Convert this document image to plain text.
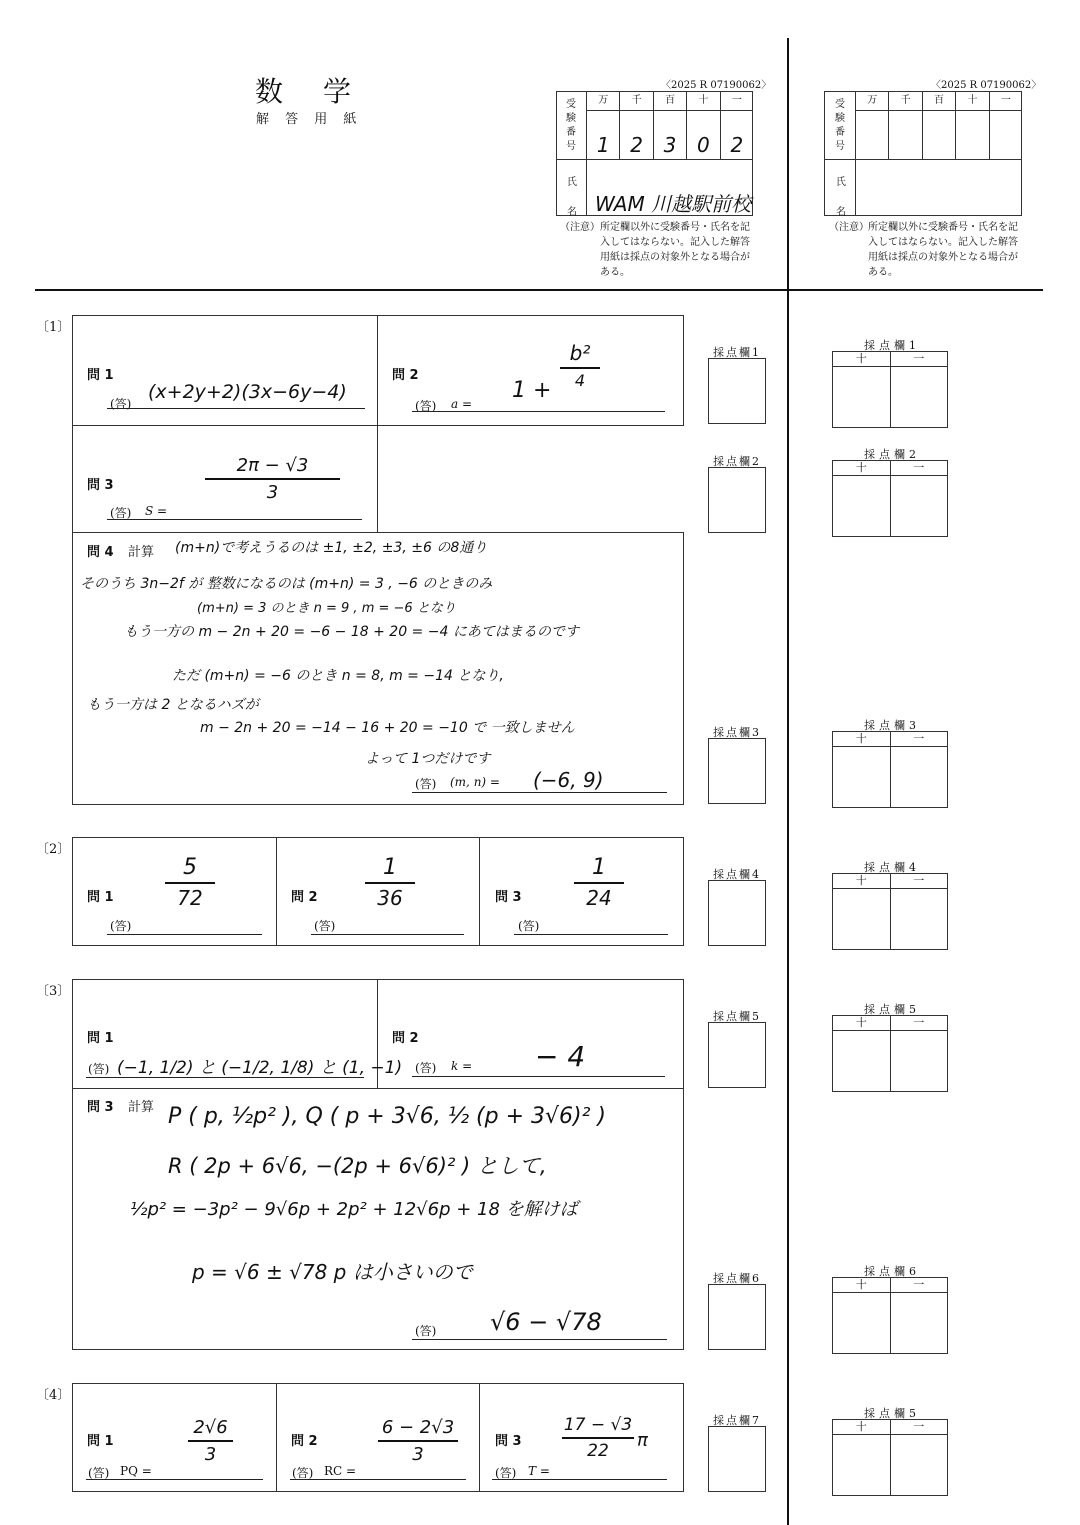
数　学
解 答 用 紙
〈2025 R 07190062〉	〈2025 R 07190062〉
受験番号
万	千	百	十	一
1	2	3	0	2
氏名 WAM 川越駅前校
（注意） 所定欄以外に受験番号・氏名を記入してはならない。記入した解答用紙は採点の対象外となる場合がある。
受験番号
万	千	百	十	一
氏名
（注意） 所定欄以外に受験番号・氏名を記入してはならない。記入した解答用紙は採点の対象外となる場合がある。
〔1〕
問 1
(答)
(x+2y+2)(3x−6y−4)
問 2
(答) a =
1 +
b²
4
問 3
(答) S =
2π − √3
3
問 4 計算 (m+n)で考えうるのは ±1, ±2, ±3, ±6 の8通り
そのうち 3n−2f が 整数になるのは (m+n) = 3 , −6 のときのみ
(m+n) = 3 のとき n = 9 , m = −6 となり
もう一方の m − 2n + 20 = −6 − 18 + 20 = −4 にあてはまるのです
ただ (m+n) = −6 のとき n = 8, m = −14 となり,
もう一方は 2 となるハズが
m − 2n + 20 = −14 − 16 + 20 = −10 で 一致しません
よって 1つだけです
(答) (m, n) = (−6, 9)
〔2〕
問 1
(答)
5
72	問 2
(答)
1
36	問 3
(答)
1
24
〔3〕
問 1
(答) (−1, 1/2) と (−1/2, 1/8) と (1, −1)
問 2
(答) k = − 4
問 3 計算 P ( p, ½p² ), Q ( p + 3√6, ½ (p + 3√6)² )
R ( 2p + 6√6, −(2p + 6√6)² ) として,
½p² = −3p² − 9√6p + 2p² + 12√6p + 18 を解けば
p = √6 ± √78 p は小さいので
(答) √6 − √78
〔4〕
問 1
(答) PQ =
2√6
3
問 2
(答) RC =
6 − 2√3
3
問 3
(答) T =
17 − √3
22	π
採点欄1
採点欄2
採点欄3
採点欄4
採点欄5
採点欄6
採点欄7
採点欄1
十	一
採点欄2
十	一
採点欄3
十	一
採点欄4
十	一
採点欄5
十	一
採点欄6
十	一
採点欄5
十	一
